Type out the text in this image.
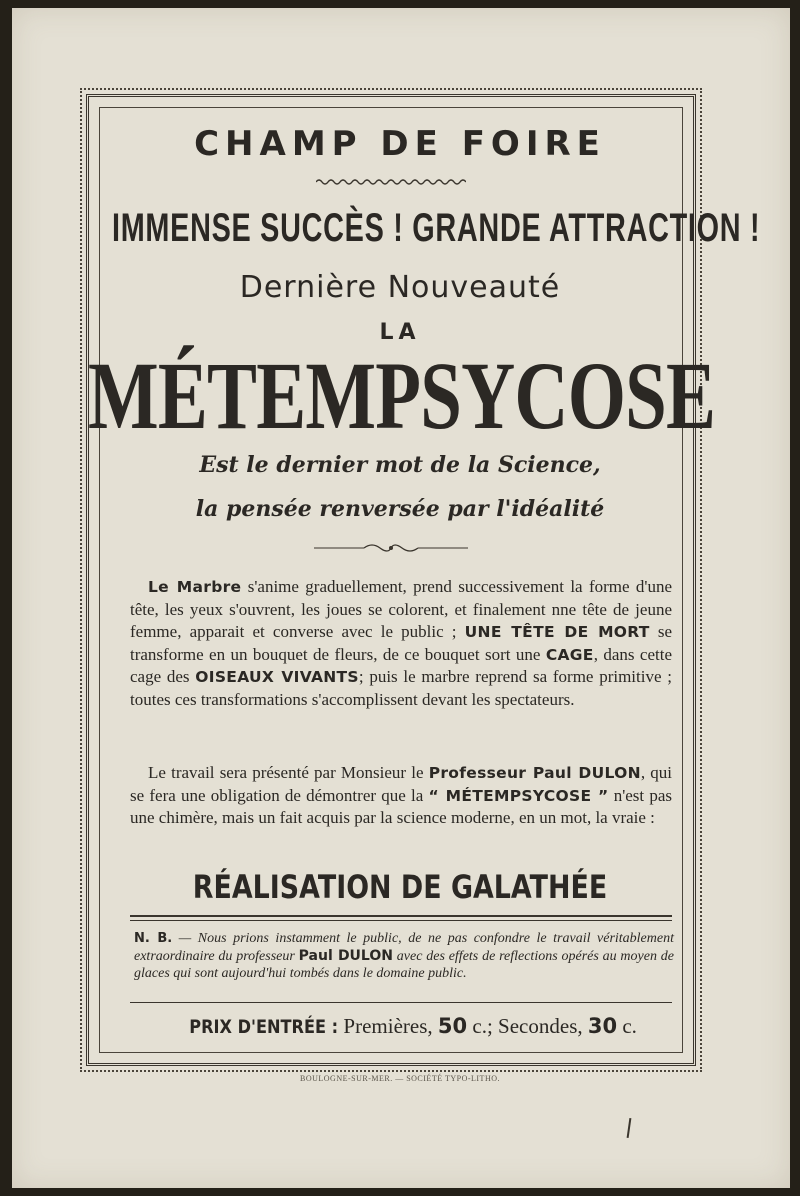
CHAMP DE FOIRE
IMMENSE SUCCÈS ! GRANDE ATTRACTION !
Dernière Nouveauté
LA
MÉTEMPSYCOSE
Est le dernier mot de la Science,
la pensée renversée par l'idéalité
Le Marbre s'anime graduellement, prend successivement la forme d'une tête, les yeux s'ouvrent, les joues se colorent, et finalement nne tête de jeune femme, apparait et converse avec le public ; UNE TÊTE DE MORT se transforme en un bouquet de fleurs, de ce bouquet sort une CAGE, dans cette cage des OISEAUX VIVANTS; puis le marbre reprend sa forme primitive ; toutes ces transformations s'accomplissent devant les spectateurs.
Le travail sera présenté par Monsieur le Professeur Paul DULON, qui se fera une obligation de démontrer que la “ MÉTEMPSYCOSE ” n'est pas une chimère, mais un fait acquis par la science moderne, en un mot, la vraie :
RÉALISATION DE GALATHÉE
N. B. — Nous prions instamment le public, de ne pas confondre le travail véritablement extraordinaire du professeur Paul DULON avec des effets de reflections opérés au moyen de glaces qui sont aujourd'hui tombés dans le domaine public.
PRIX D'ENTRÉE : Premières, 50 c.; Secondes, 30 c.
BOULOGNE-SUR-MER. — SOCIÉTÉ TYPO-LITHO.
